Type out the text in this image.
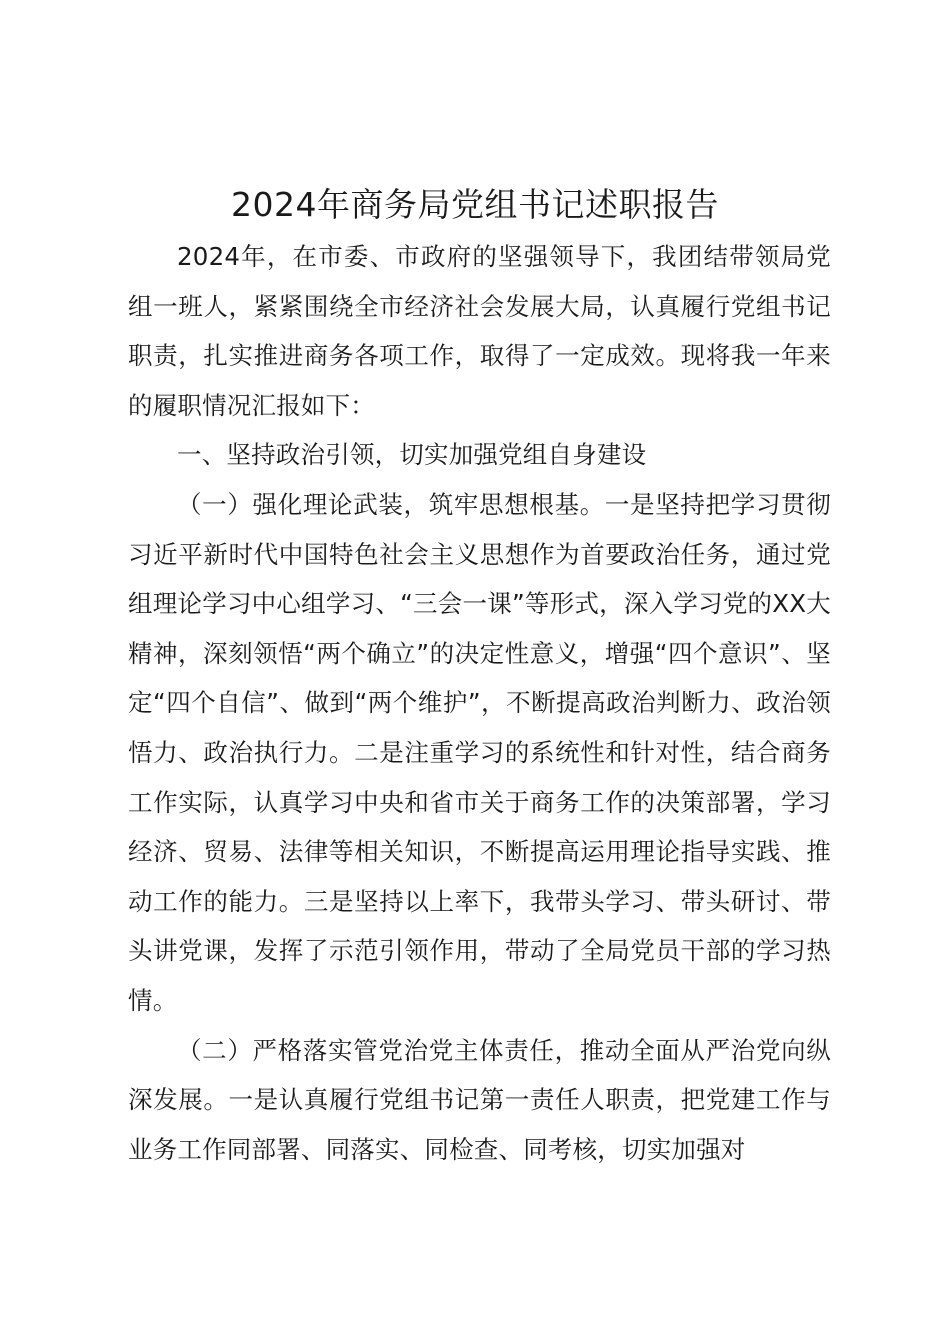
2024年商务局党组书记述职报告

2024年，在市委、市政府的坚强领导下，我团结带领局党组一班人，紧紧围绕全市经济社会发展大局，认真履行党组书记职责，扎实推进商务各项工作，取得了一定成效。现将我一年来的履职情况汇报如下：

一、坚持政治引领，切实加强党组自身建设

（一）强化理论武装，筑牢思想根基。一是坚持把学习贯彻习近平新时代中国特色社会主义思想作为首要政治任务，通过党组理论学习中心组学习、“三会一课”等形式，深入学习党的XX大精神，深刻领悟“两个确立”的决定性意义，增强“四个意识”、坚定“四个自信”、做到“两个维护”，不断提高政治判断力、政治领悟力、政治执行力。二是注重学习的系统性和针对性，结合商务工作实际，认真学习中央和省市关于商务工作的决策部署，学习经济、贸易、法律等相关知识，不断提高运用理论指导实践、推动工作的能力。三是坚持以上率下，我带头学习、带头研讨、带头讲党课，发挥了示范引领作用，带动了全局党员干部的学习热情。

（二）严格落实管党治党主体责任，推动全面从严治党向纵深发展。一是认真履行党组书记第一责任人职责，把党建工作与业务工作同部署、同落实、同检查、同考核，切实加强对
